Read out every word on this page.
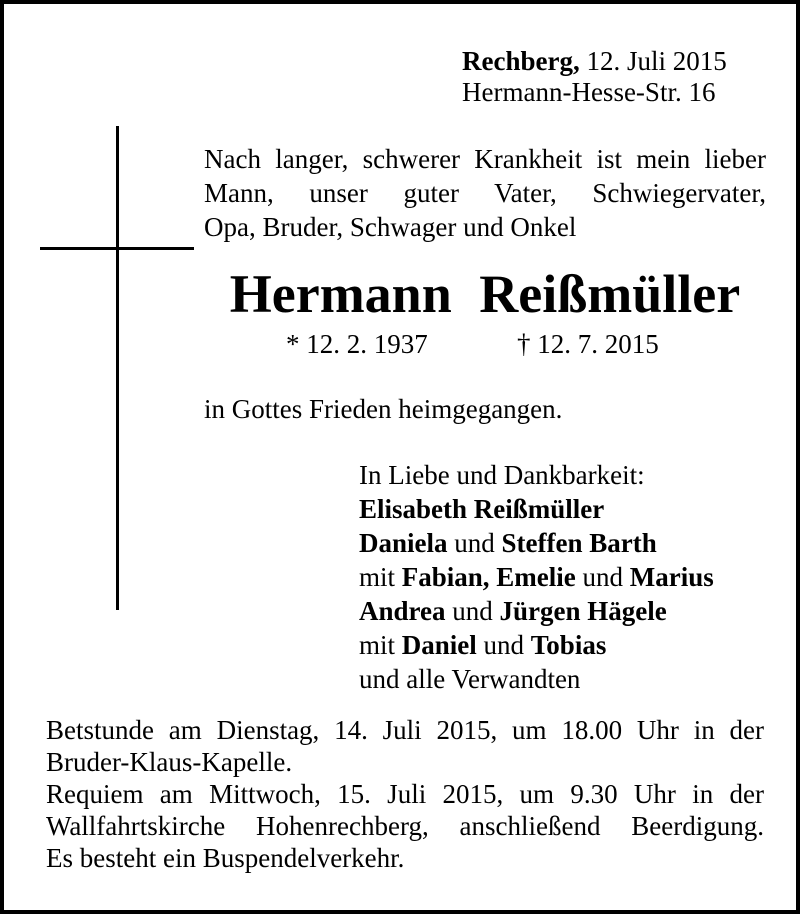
Rechberg, 12. Juli 2015
Hermann-Hesse-Str. 16
Nach langer, schwerer Krankheit ist mein lieber
Mann, unser guter Vater, Schwiegervater,
Opa, Bruder, Schwager und Onkel
Hermann Reißmüller
* 12. 2. 1937	† 12. 7. 2015
in Gottes Frieden heimgegangen.
In Liebe und Dankbarkeit:
Elisabeth Reißmüller
Daniela und Steffen Barth
mit Fabian, Emelie und Marius
Andrea und Jürgen Hägele
mit Daniel und Tobias
und alle Verwandten
Betstunde am Dienstag, 14. Juli 2015, um 18.00 Uhr in der
Bruder-Klaus-Kapelle.
Requiem am Mittwoch, 15. Juli 2015, um 9.30 Uhr in der
Wallfahrtskirche Hohenrechberg, anschließend Beerdigung.
Es besteht ein Buspendelverkehr.
